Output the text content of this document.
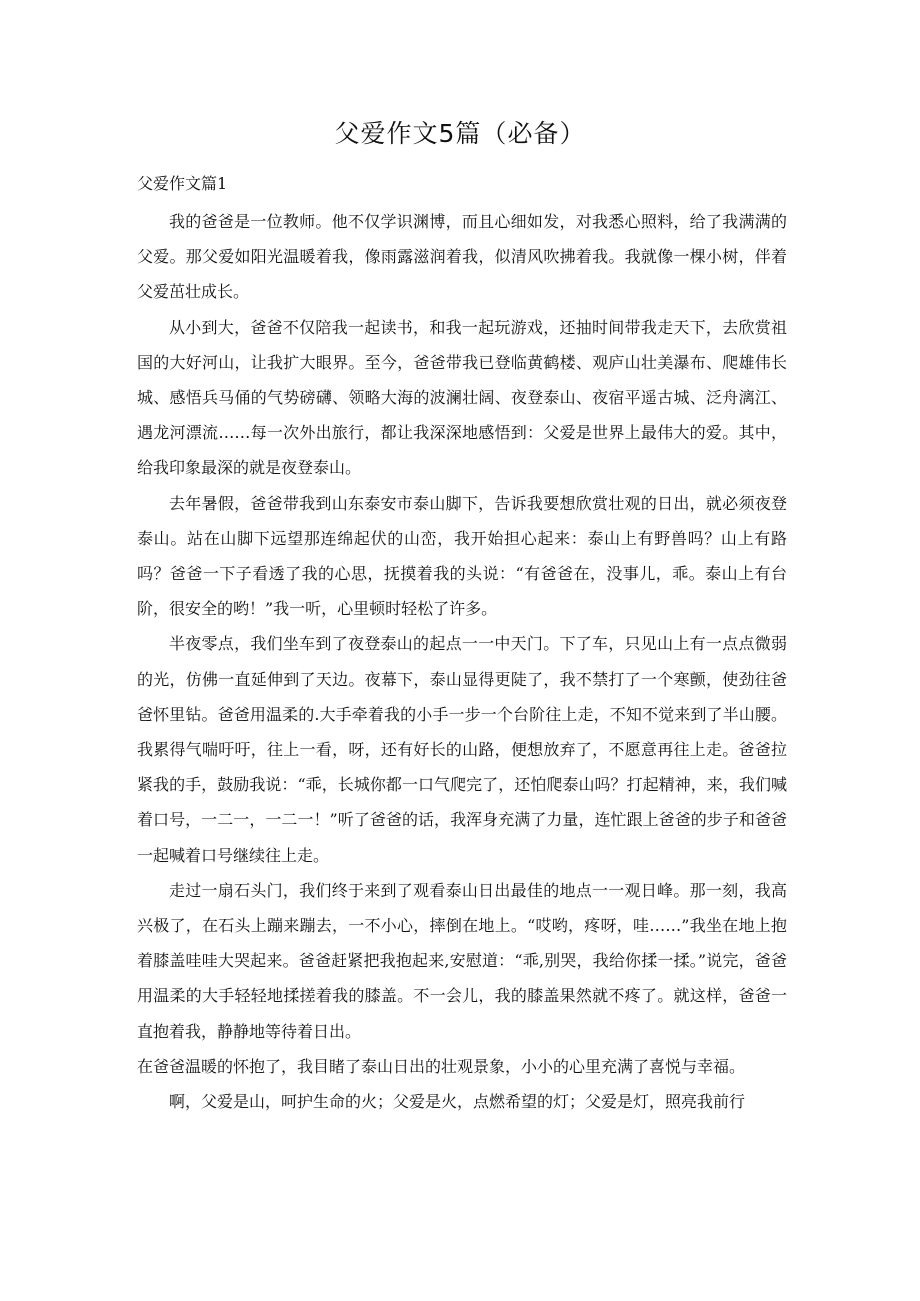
父爱作文5篇（必备）
父爱作文篇1

我的爸爸是一位教师。他不仅学识渊博，而且心细如发，对我悉心照料，给了我满满的父爱。那父爱如阳光温暖着我，像雨露滋润着我，似清风吹拂着我。我就像一棵小树，伴着父爱茁壮成长。

从小到大，爸爸不仅陪我一起读书，和我一起玩游戏，还抽时间带我走天下，去欣赏祖国的大好河山，让我扩大眼界。至今，爸爸带我已登临黄鹤楼、观庐山壮美瀑布、爬雄伟长城、感悟兵马俑的气势磅礴、领略大海的波澜壮阔、夜登泰山、夜宿平遥古城、泛舟漓江、遇龙河漂流……每一次外出旅行，都让我深深地感悟到：父爱是世界上最伟大的爱。其中，给我印象最深的就是夜登泰山。

去年暑假，爸爸带我到山东泰安市泰山脚下，告诉我要想欣赏壮观的日出，就必须夜登泰山。站在山脚下远望那连绵起伏的山峦，我开始担心起来：泰山上有野兽吗？山上有路吗？爸爸一下子看透了我的心思，抚摸着我的头说：“有爸爸在，没事儿，乖。泰山上有台阶，很安全的哟！”我一听，心里顿时轻松了许多。

半夜零点，我们坐车到了夜登泰山的起点一一中天门。下了车，只见山上有一点点微弱的光，仿佛一直延伸到了天边。夜幕下，泰山显得更陡了，我不禁打了一个寒颤，使劲往爸爸怀里钻。爸爸用温柔的.大手牵着我的小手一步一个台阶往上走，不知不觉来到了半山腰。我累得气喘吁吁，往上一看，呀，还有好长的山路，便想放弃了，不愿意再往上走。爸爸拉紧我的手，鼓励我说：“乖，长城你都一口气爬完了，还怕爬泰山吗？打起精神，来，我们喊着口号，一二一，一二一！”听了爸爸的话，我浑身充满了力量，连忙跟上爸爸的步子和爸爸一起喊着口号继续往上走。

走过一扇石头门，我们终于来到了观看泰山日出最佳的地点一一观日峰。那一刻，我高兴极了，在石头上蹦来蹦去，一不小心，摔倒在地上。“哎哟，疼呀，哇……”我坐在地上抱着膝盖哇哇大哭起来。爸爸赶紧把我抱起来,安慰道：“乖,别哭，我给你揉一揉。”说完，爸爸用温柔的大手轻轻地揉搓着我的膝盖。不一会儿，我的膝盖果然就不疼了。就这样，爸爸一直抱着我，静静地等待着日出。

在爸爸温暖的怀抱了，我目睹了泰山日出的壮观景象，小小的心里充满了喜悦与幸福。

啊，父爱是山，呵护生命的火；父爱是火，点燃希望的灯；父爱是灯，照亮我前行
